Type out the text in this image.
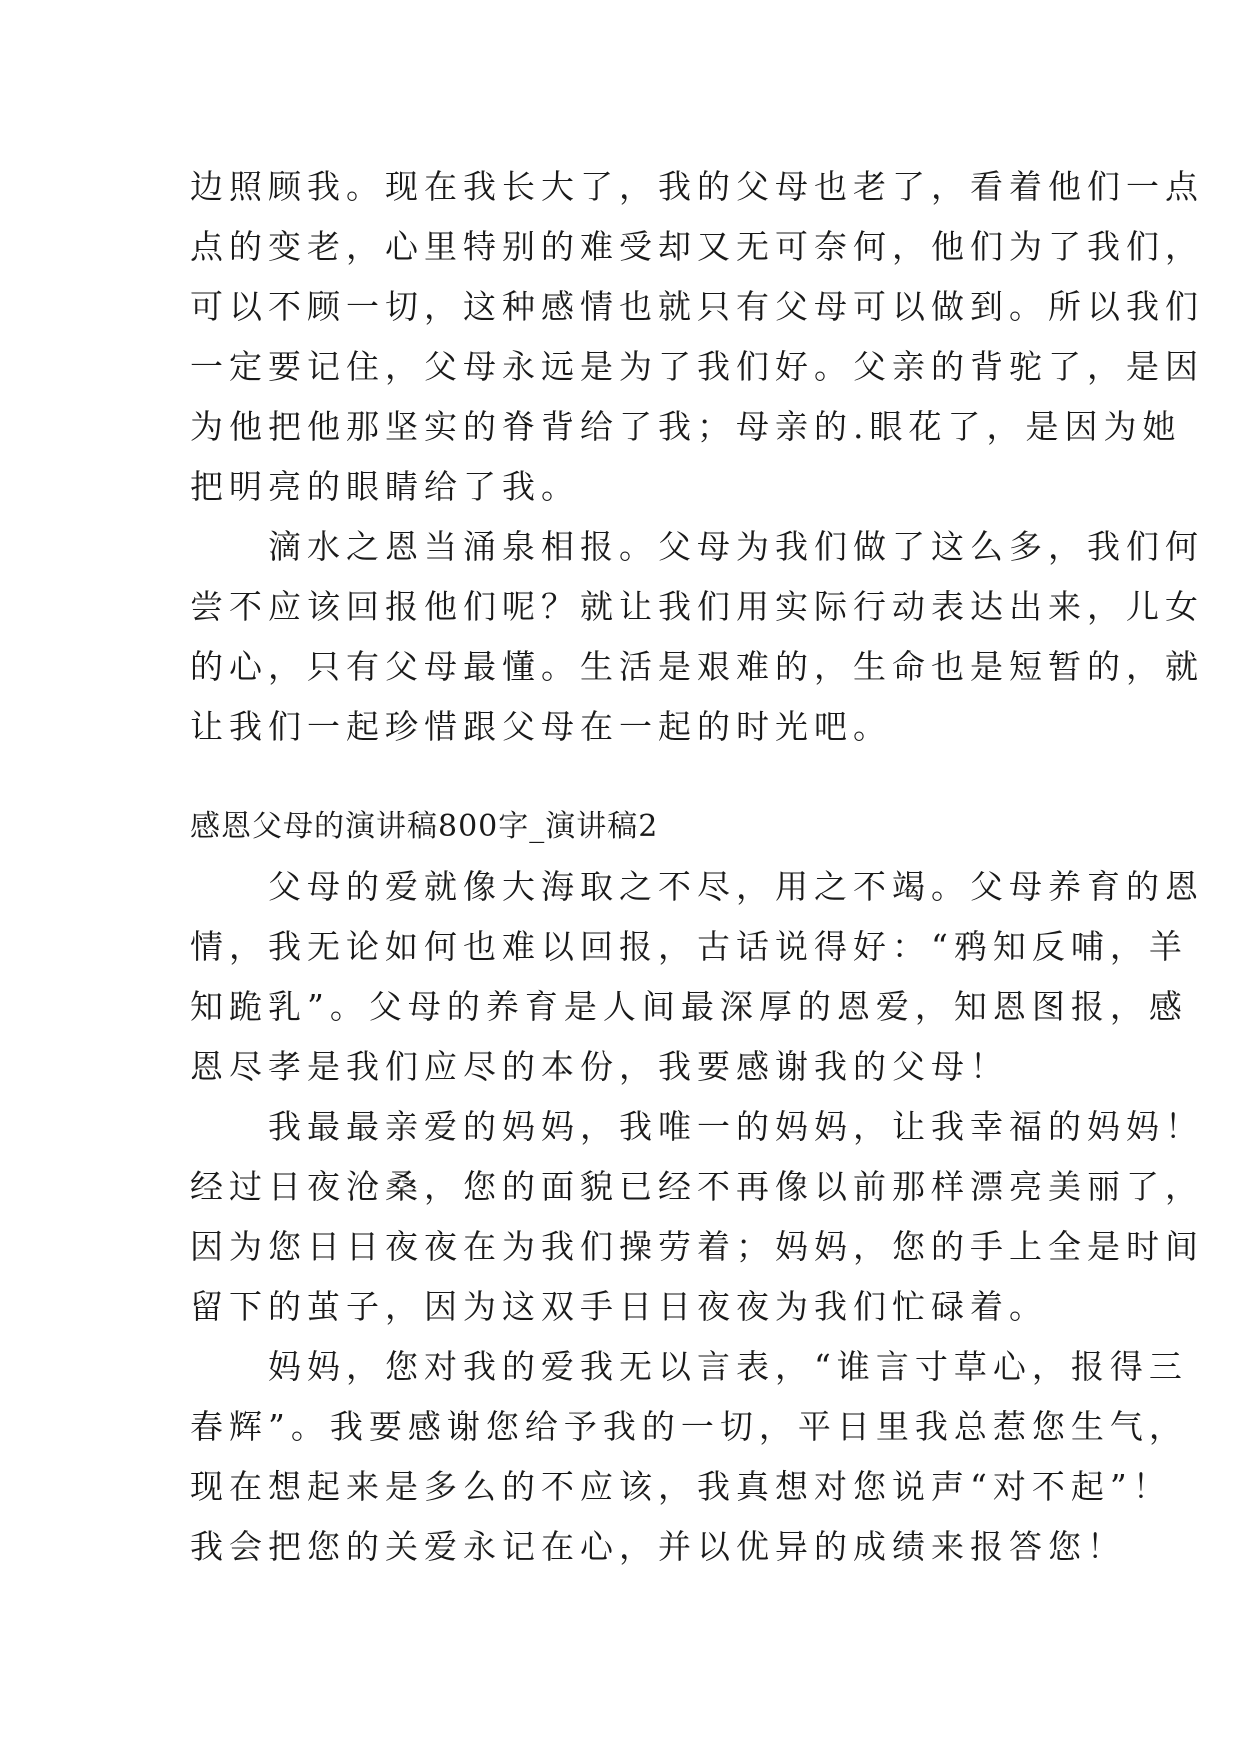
边照顾我。现在我长大了，我的父母也老了，看着他们一点
点的变老，心里特别的难受却又无可奈何，他们为了我们，
可以不顾一切，这种感情也就只有父母可以做到。所以我们
一定要记住，父母永远是为了我们好。父亲的背驼了，是因
为他把他那坚实的脊背给了我；母亲的.眼花了，是因为她
把明亮的眼睛给了我。
　　滴水之恩当涌泉相报。父母为我们做了这么多，我们何
尝不应该回报他们呢？就让我们用实际行动表达出来，儿女
的心，只有父母最懂。生活是艰难的，生命也是短暂的，就
让我们一起珍惜跟父母在一起的时光吧。
感恩父母的演讲稿800字_演讲稿2
　　父母的爱就像大海取之不尽，用之不竭。父母养育的恩
情，我无论如何也难以回报，古话说得好：“鸦知反哺，羊
知跪乳”。父母的养育是人间最深厚的恩爱，知恩图报，感
恩尽孝是我们应尽的本份，我要感谢我的父母！
　　我最最亲爱的妈妈，我唯一的妈妈，让我幸福的妈妈！
经过日夜沧桑，您的面貌已经不再像以前那样漂亮美丽了，
因为您日日夜夜在为我们操劳着；妈妈，您的手上全是时间
留下的茧子，因为这双手日日夜夜为我们忙碌着。
　　妈妈，您对我的爱我无以言表，“谁言寸草心，报得三
春辉”。我要感谢您给予我的一切，平日里我总惹您生气，
现在想起来是多么的不应该，我真想对您说声“对不起”！
我会把您的关爱永记在心，并以优异的成绩来报答您！
